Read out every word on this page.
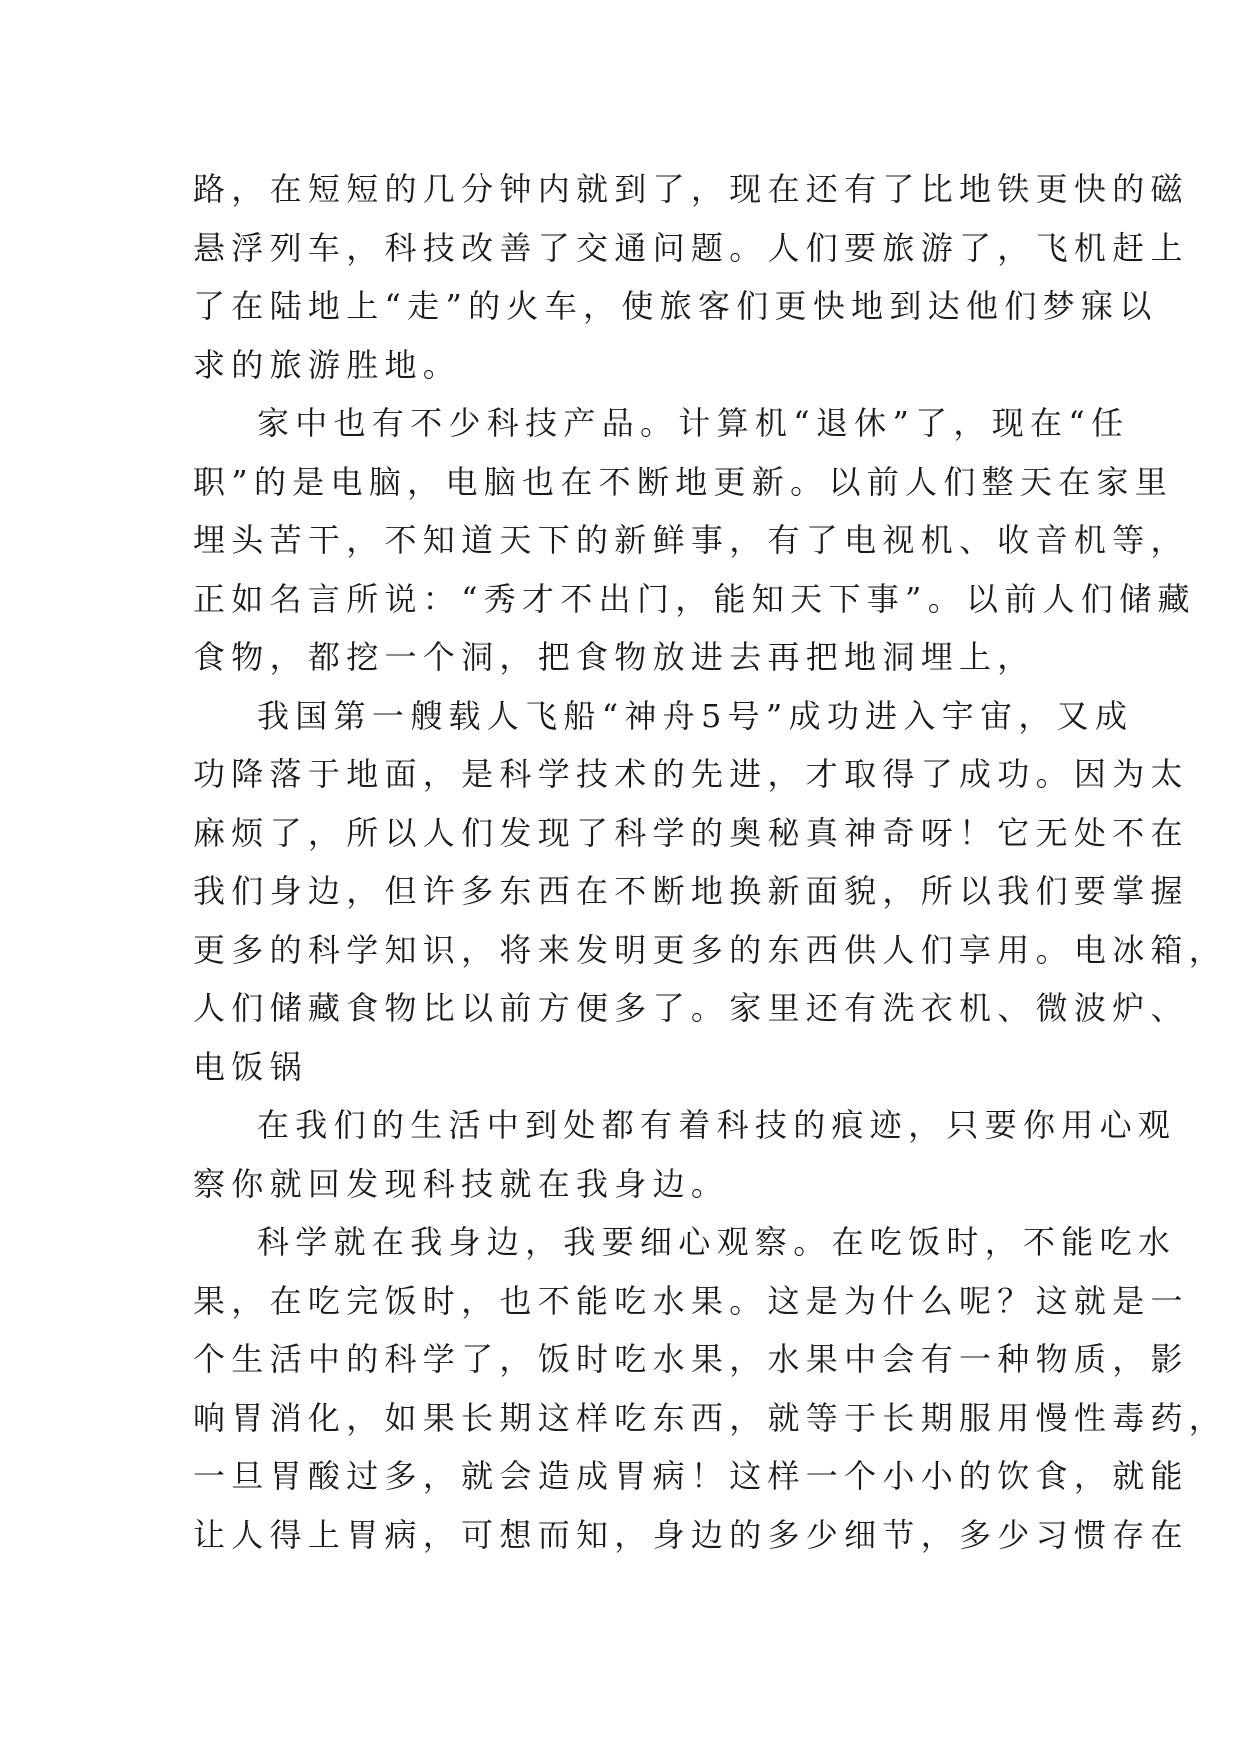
路，在短短的几分钟内就到了，现在还有了比地铁更快的磁
悬浮列车，科技改善了交通问题。人们要旅游了，飞机赶上
了在陆地上“走”的火车，使旅客们更快地到达他们梦寐以
求的旅游胜地。
家中也有不少科技产品。计算机“退休”了，现在“任
职”的是电脑，电脑也在不断地更新。以前人们整天在家里
埋头苦干，不知道天下的新鲜事，有了电视机、收音机等，
正如名言所说：“秀才不出门，能知天下事”。以前人们储藏
食物，都挖一个洞，把食物放进去再把地洞埋上，
我国第一艘载人飞船“神舟5号”成功进入宇宙，又成
功降落于地面，是科学技术的先进，才取得了成功。因为太
麻烦了，所以人们发现了科学的奥秘真神奇呀！它无处不在
我们身边，但许多东西在不断地换新面貌，所以我们要掌握
更多的科学知识，将来发明更多的东西供人们享用。电冰箱，
人们储藏食物比以前方便多了。家里还有洗衣机、微波炉、
电饭锅
在我们的生活中到处都有着科技的痕迹，只要你用心观
察你就回发现科技就在我身边。
科学就在我身边，我要细心观察。在吃饭时，不能吃水
果，在吃完饭时，也不能吃水果。这是为什么呢？这就是一
个生活中的科学了，饭时吃水果，水果中会有一种物质，影
响胃消化，如果长期这样吃东西，就等于长期服用慢性毒药，
一旦胃酸过多，就会造成胃病！这样一个小小的饮食，就能
让人得上胃病，可想而知，身边的多少细节，多少习惯存在
